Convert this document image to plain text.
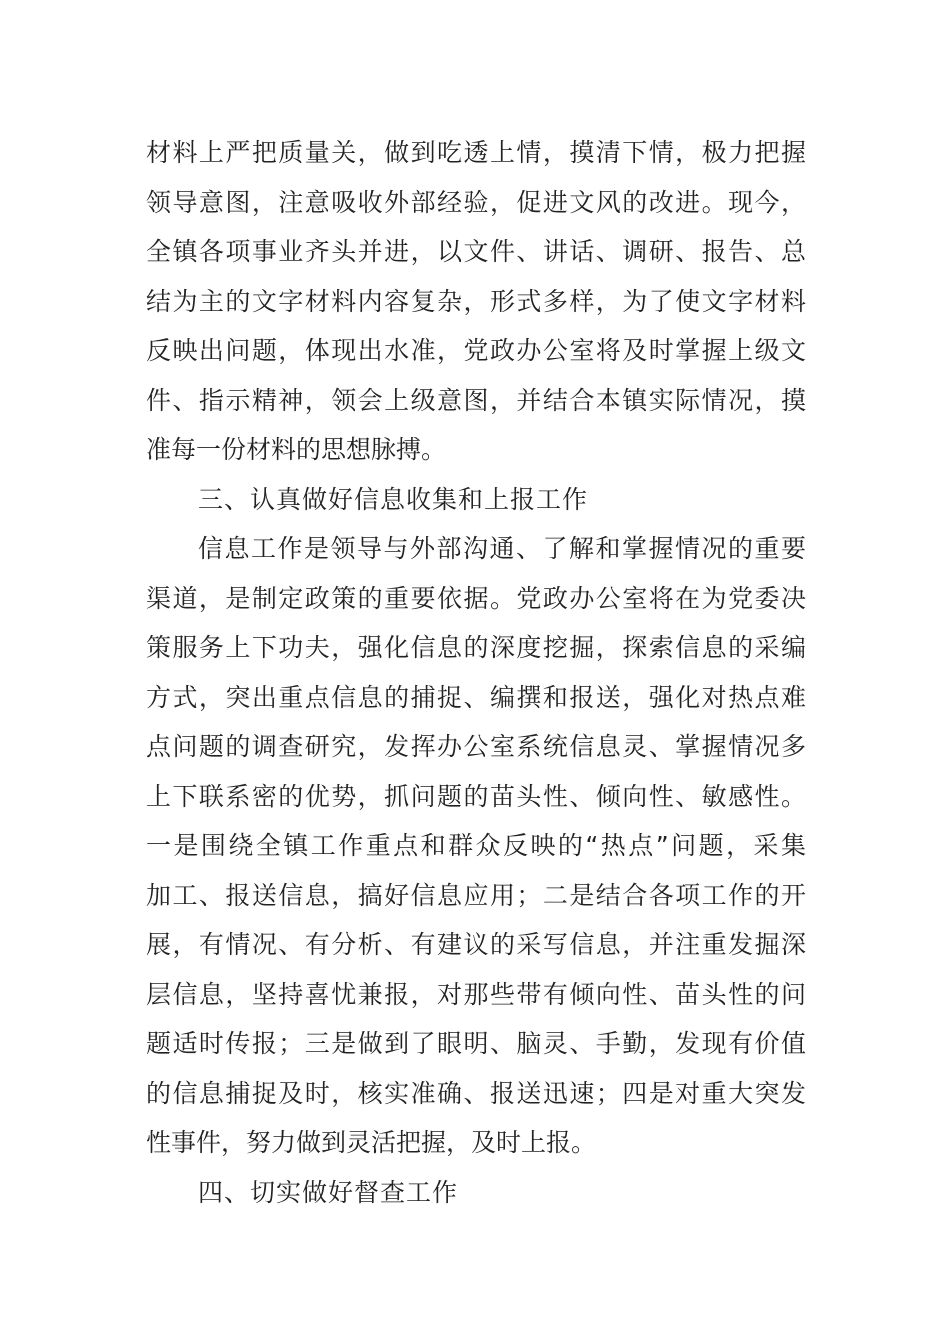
材料上严把质量关，做到吃透上情，摸清下情，极力把握
领导意图，注意吸收外部经验，促进文风的改进。现今，
全镇各项事业齐头并进，以文件、讲话、调研、报告、总
结为主的文字材料内容复杂，形式多样，为了使文字材料
反映出问题，体现出水准，党政办公室将及时掌握上级文
件、指示精神，领会上级意图，并结合本镇实际情况，摸
准每一份材料的思想脉搏。
三、认真做好信息收集和上报工作
信息工作是领导与外部沟通、了解和掌握情况的重要
渠道，是制定政策的重要依据。党政办公室将在为党委决
策服务上下功夫，强化信息的深度挖掘，探索信息的采编
方式，突出重点信息的捕捉、编撰和报送，强化对热点难
点问题的调查研究，发挥办公室系统信息灵、掌握情况多
上下联系密的优势，抓问题的苗头性、倾向性、敏感性。
一是围绕全镇工作重点和群众反映的“热点”问题，采集
加工、报送信息，搞好信息应用；二是结合各项工作的开
展，有情况、有分析、有建议的采写信息，并注重发掘深
层信息，坚持喜忧兼报，对那些带有倾向性、苗头性的问
题适时传报；三是做到了眼明、脑灵、手勤，发现有价值
的信息捕捉及时，核实准确、报送迅速；四是对重大突发
性事件，努力做到灵活把握，及时上报。
四、切实做好督查工作
